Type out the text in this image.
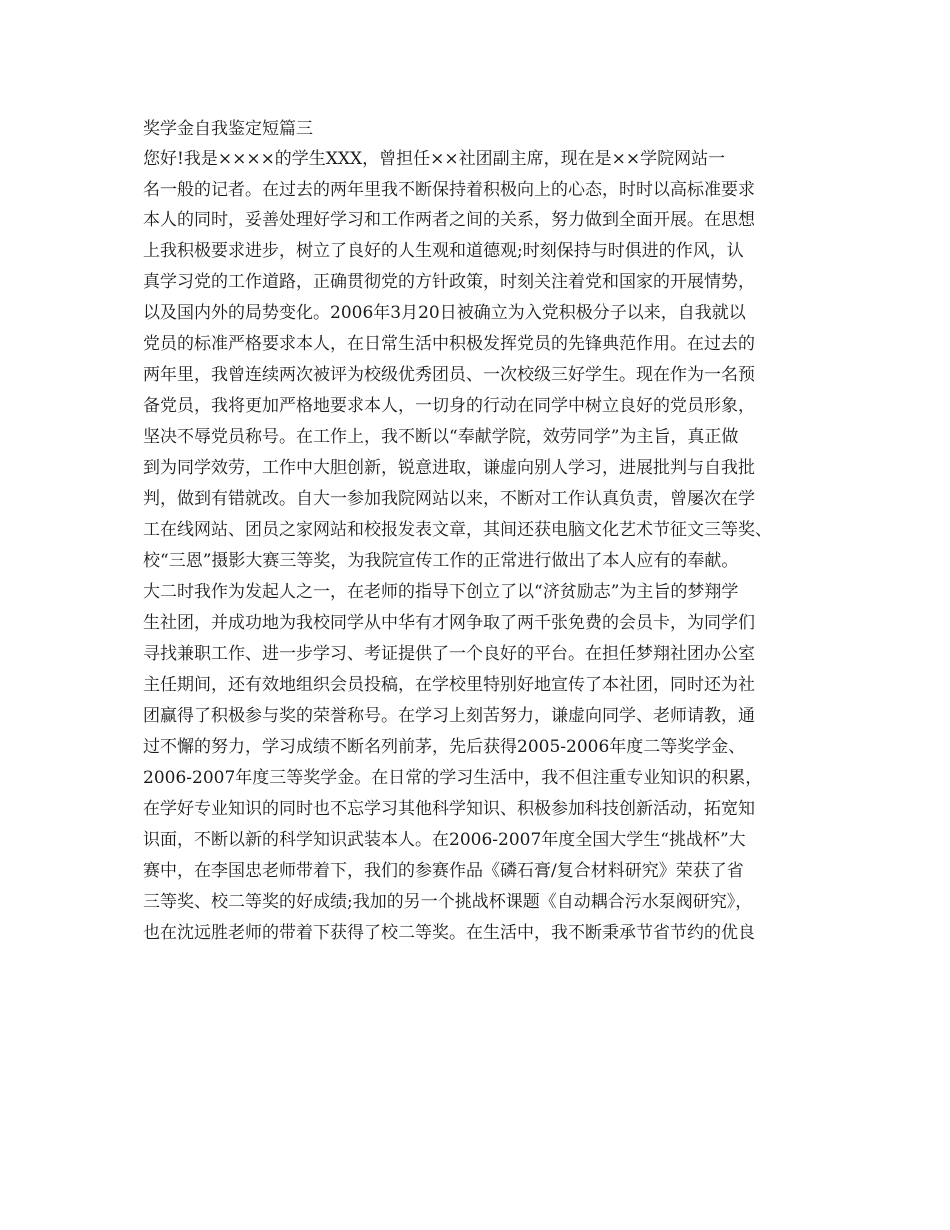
奖学金自我鉴定短篇三
您好!我是××××的学生XXX，曾担任××社团副主席，现在是××学院网站一
名一般的记者。在过去的两年里我不断保持着积极向上的心态，时时以高标准要求
本人的同时，妥善处理好学习和工作两者之间的关系，努力做到全面开展。在思想
上我积极要求进步，树立了良好的人生观和道德观;时刻保持与时俱进的作风，认
真学习党的工作道路，正确贯彻党的方针政策，时刻关注着党和国家的开展情势，
以及国内外的局势变化。2006年3月20日被确立为入党积极分子以来，自我就以
党员的标准严格要求本人，在日常生活中积极发挥党员的先锋典范作用。在过去的
两年里，我曾连续两次被评为校级优秀团员、一次校级三好学生。现在作为一名预
备党员，我将更加严格地要求本人，一切身的行动在同学中树立良好的党员形象，
坚决不辱党员称号。在工作上，我不断以“奉献学院，效劳同学”为主旨，真正做
到为同学效劳，工作中大胆创新，锐意进取，谦虚向别人学习，进展批判与自我批
判，做到有错就改。自大一参加我院网站以来，不断对工作认真负责，曾屡次在学
工在线网站、团员之家网站和校报发表文章，其间还获电脑文化艺术节征文三等奖、
校“三恩”摄影大赛三等奖，为我院宣传工作的正常进行做出了本人应有的奉献。
大二时我作为发起人之一，在老师的指导下创立了以“济贫励志”为主旨的梦翔学
生社团，并成功地为我校同学从中华有才网争取了两千张免费的会员卡，为同学们
寻找兼职工作、进一步学习、考证提供了一个良好的平台。在担任梦翔社团办公室
主任期间，还有效地组织会员投稿，在学校里特别好地宣传了本社团，同时还为社
团赢得了积极参与奖的荣誉称号。在学习上刻苦努力，谦虚向同学、老师请教，通
过不懈的努力，学习成绩不断名列前茅，先后获得2005-2006年度二等奖学金、
2006-2007年度三等奖学金。在日常的学习生活中，我不但注重专业知识的积累，
在学好专业知识的同时也不忘学习其他科学知识、积极参加科技创新活动，拓宽知
识面，不断以新的科学知识武装本人。在2006-2007年度全国大学生“挑战杯”大
赛中，在李国忠老师带着下，我们的参赛作品《磷石膏/复合材料研究》荣获了省
三等奖、校二等奖的好成绩;我加的另一个挑战杯课题《自动耦合污水泵阀研究》，
也在沈远胜老师的带着下获得了校二等奖。在生活中，我不断秉承节省节约的优良
